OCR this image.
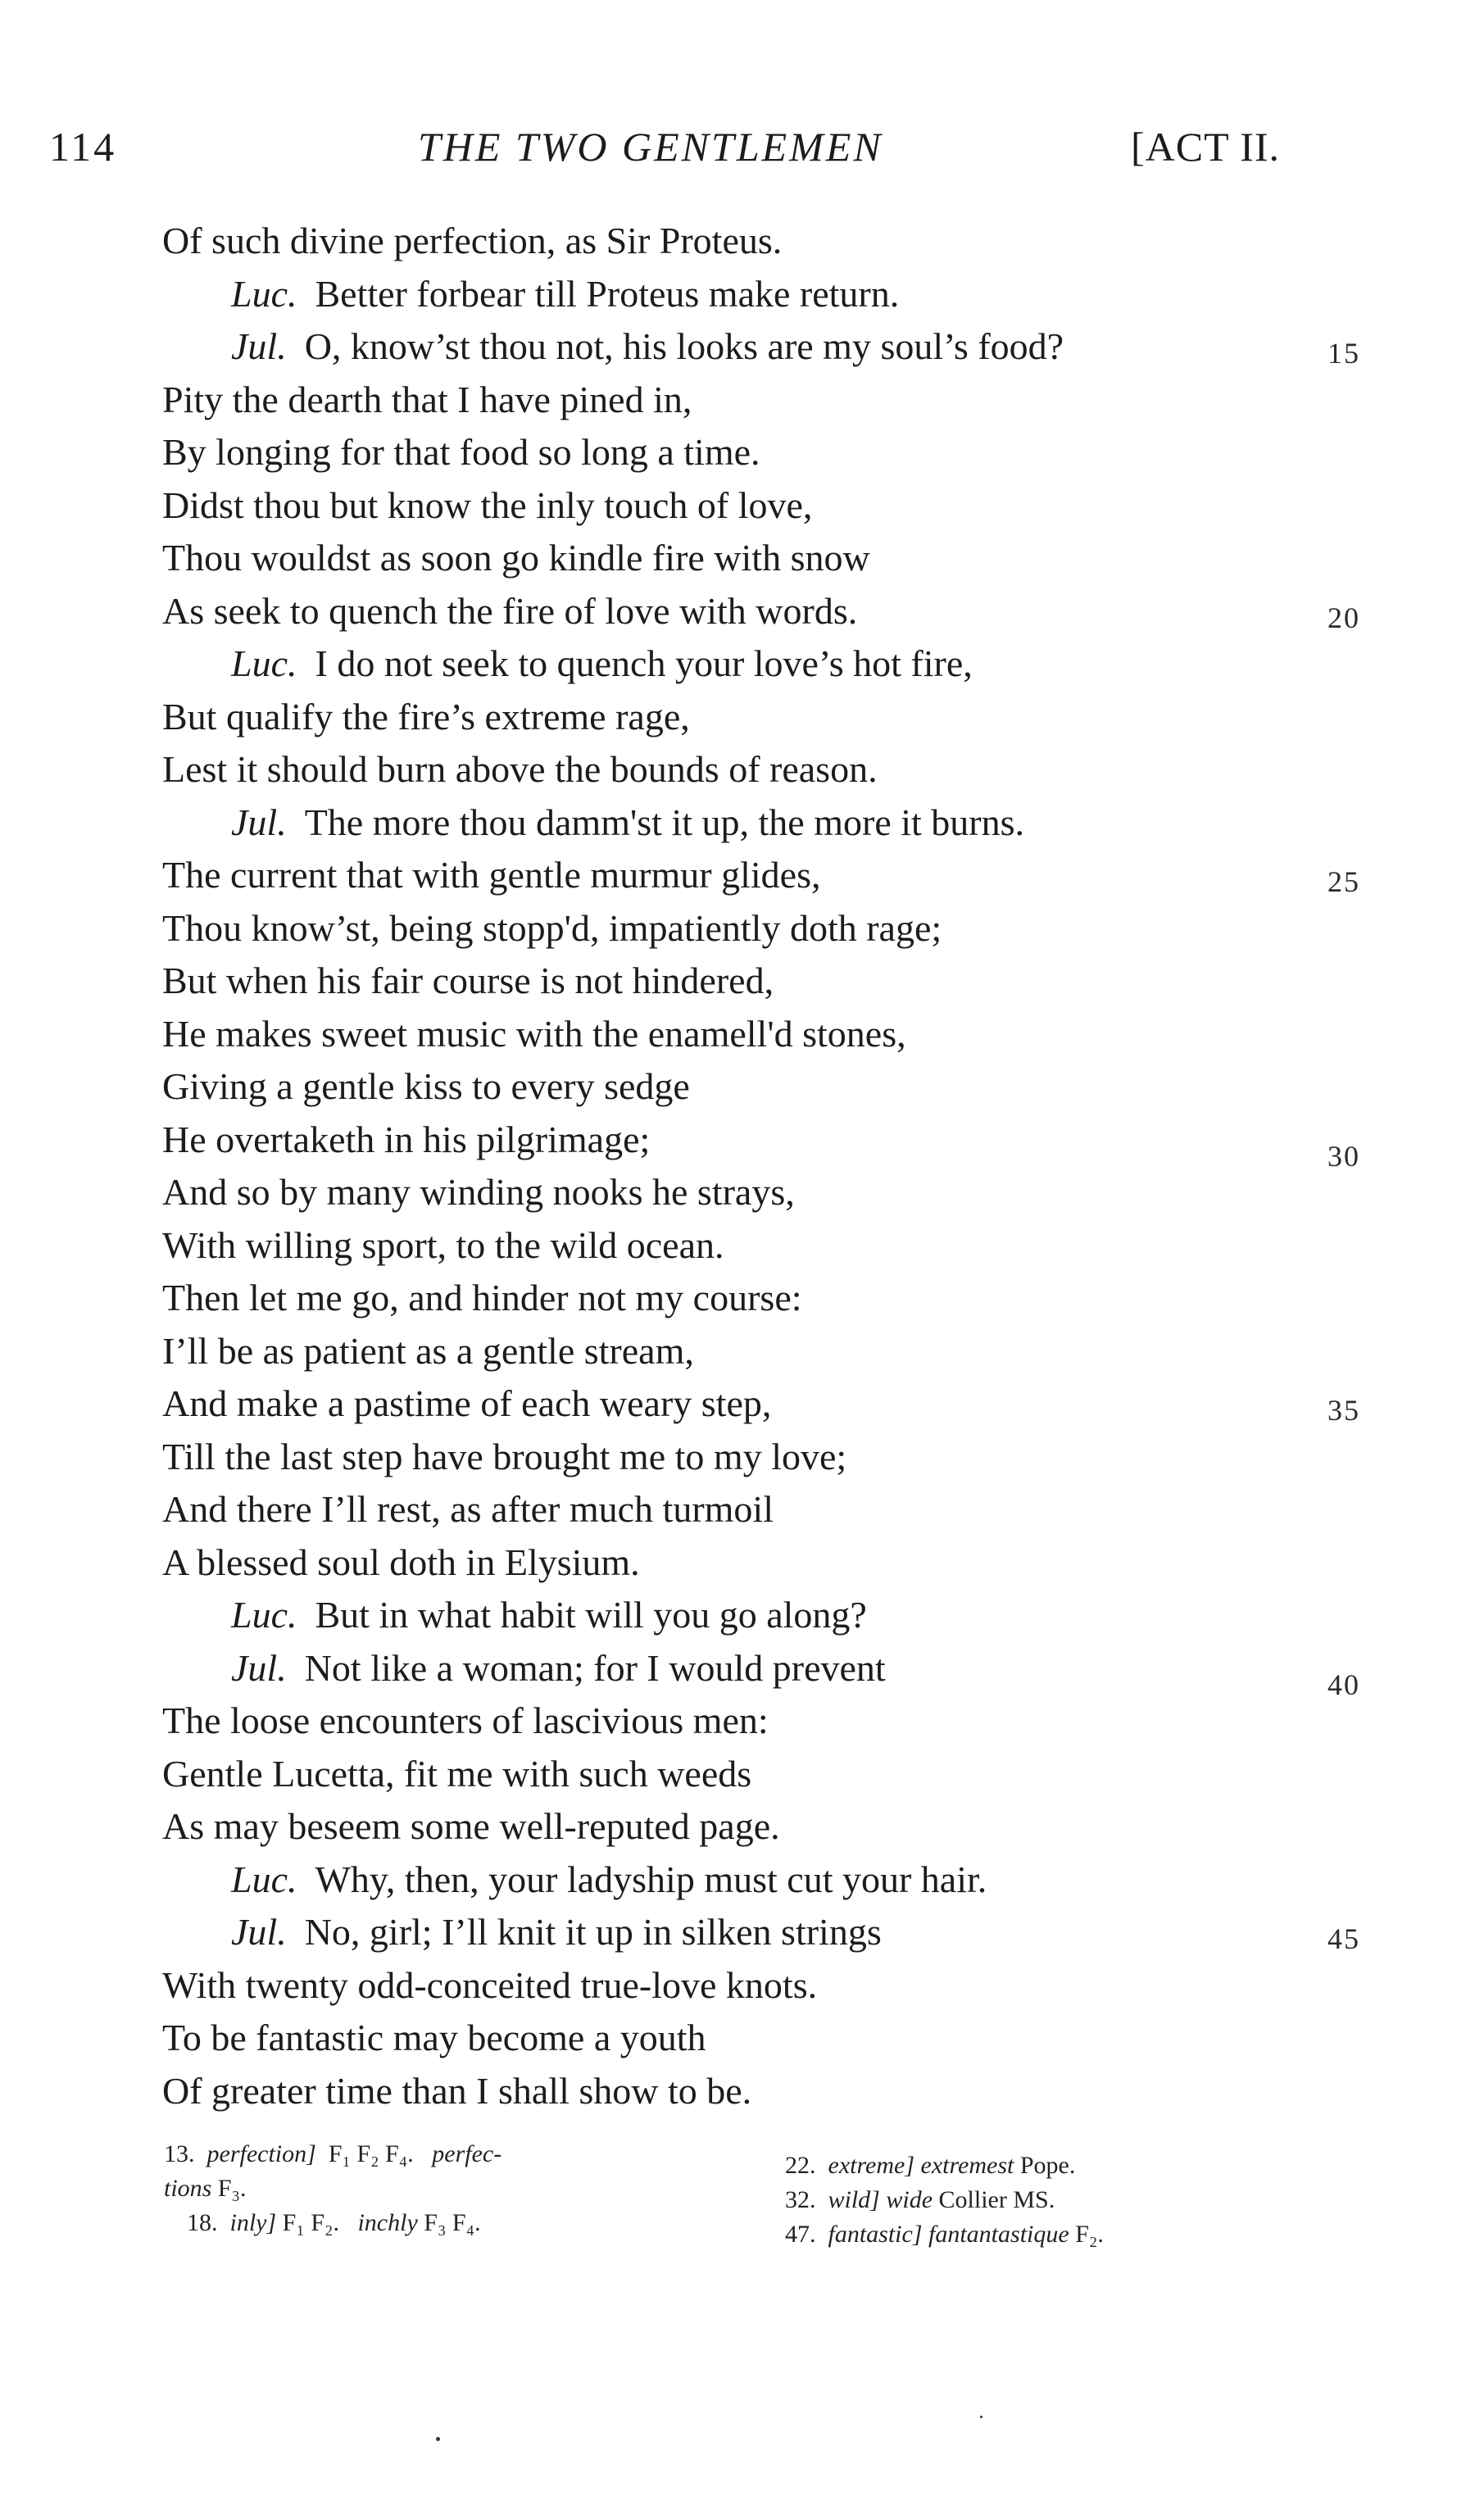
114	THE TWO GENTLEMEN	[ACT II.
Of such divine perfection, as Sir Proteus.
Luc. Better forbear till Proteus make return.
Jul. O, know’st thou not, his looks are my soul’s food?	15
Pity the dearth that I have pined in,
By longing for that food so long a time.
Didst thou but know the inly touch of love,
Thou wouldst as soon go kindle fire with snow
As seek to quench the fire of love with words.	20
Luc. I do not seek to quench your love’s hot fire,
But qualify the fire’s extreme rage,
Lest it should burn above the bounds of reason.
Jul. The more thou damm'st it up, the more it burns.
The current that with gentle murmur glides,	25
Thou know’st, being stopp'd, impatiently doth rage;
But when his fair course is not hindered,
He makes sweet music with the enamell'd stones,
Giving a gentle kiss to every sedge
He overtaketh in his pilgrimage;	30
And so by many winding nooks he strays,
With willing sport, to the wild ocean.
Then let me go, and hinder not my course:
I’ll be as patient as a gentle stream,
And make a pastime of each weary step,	35
Till the last step have brought me to my love;
And there I’ll rest, as after much turmoil
A blessed soul doth in Elysium.
Luc. But in what habit will you go along?
Jul. Not like a woman; for I would prevent	40
The loose encounters of lascivious men:
Gentle Lucetta, fit me with such weeds
As may beseem some well-reputed page.
Luc. Why, then, your ladyship must cut your hair.
Jul. No, girl; I’ll knit it up in silken strings	45
With twenty odd-conceited true-love knots.
To be fantastic may become a youth
Of greater time than I shall show to be.
13. perfection] F₁ F₂ F₄. perfec-
tions F₃.
18. inly] F₁ F₂. inchly F₃ F₄.
22. extreme] extremest Pope.
32. wild] wide Collier MS.
47. fantastic] fantantastique F₂.
